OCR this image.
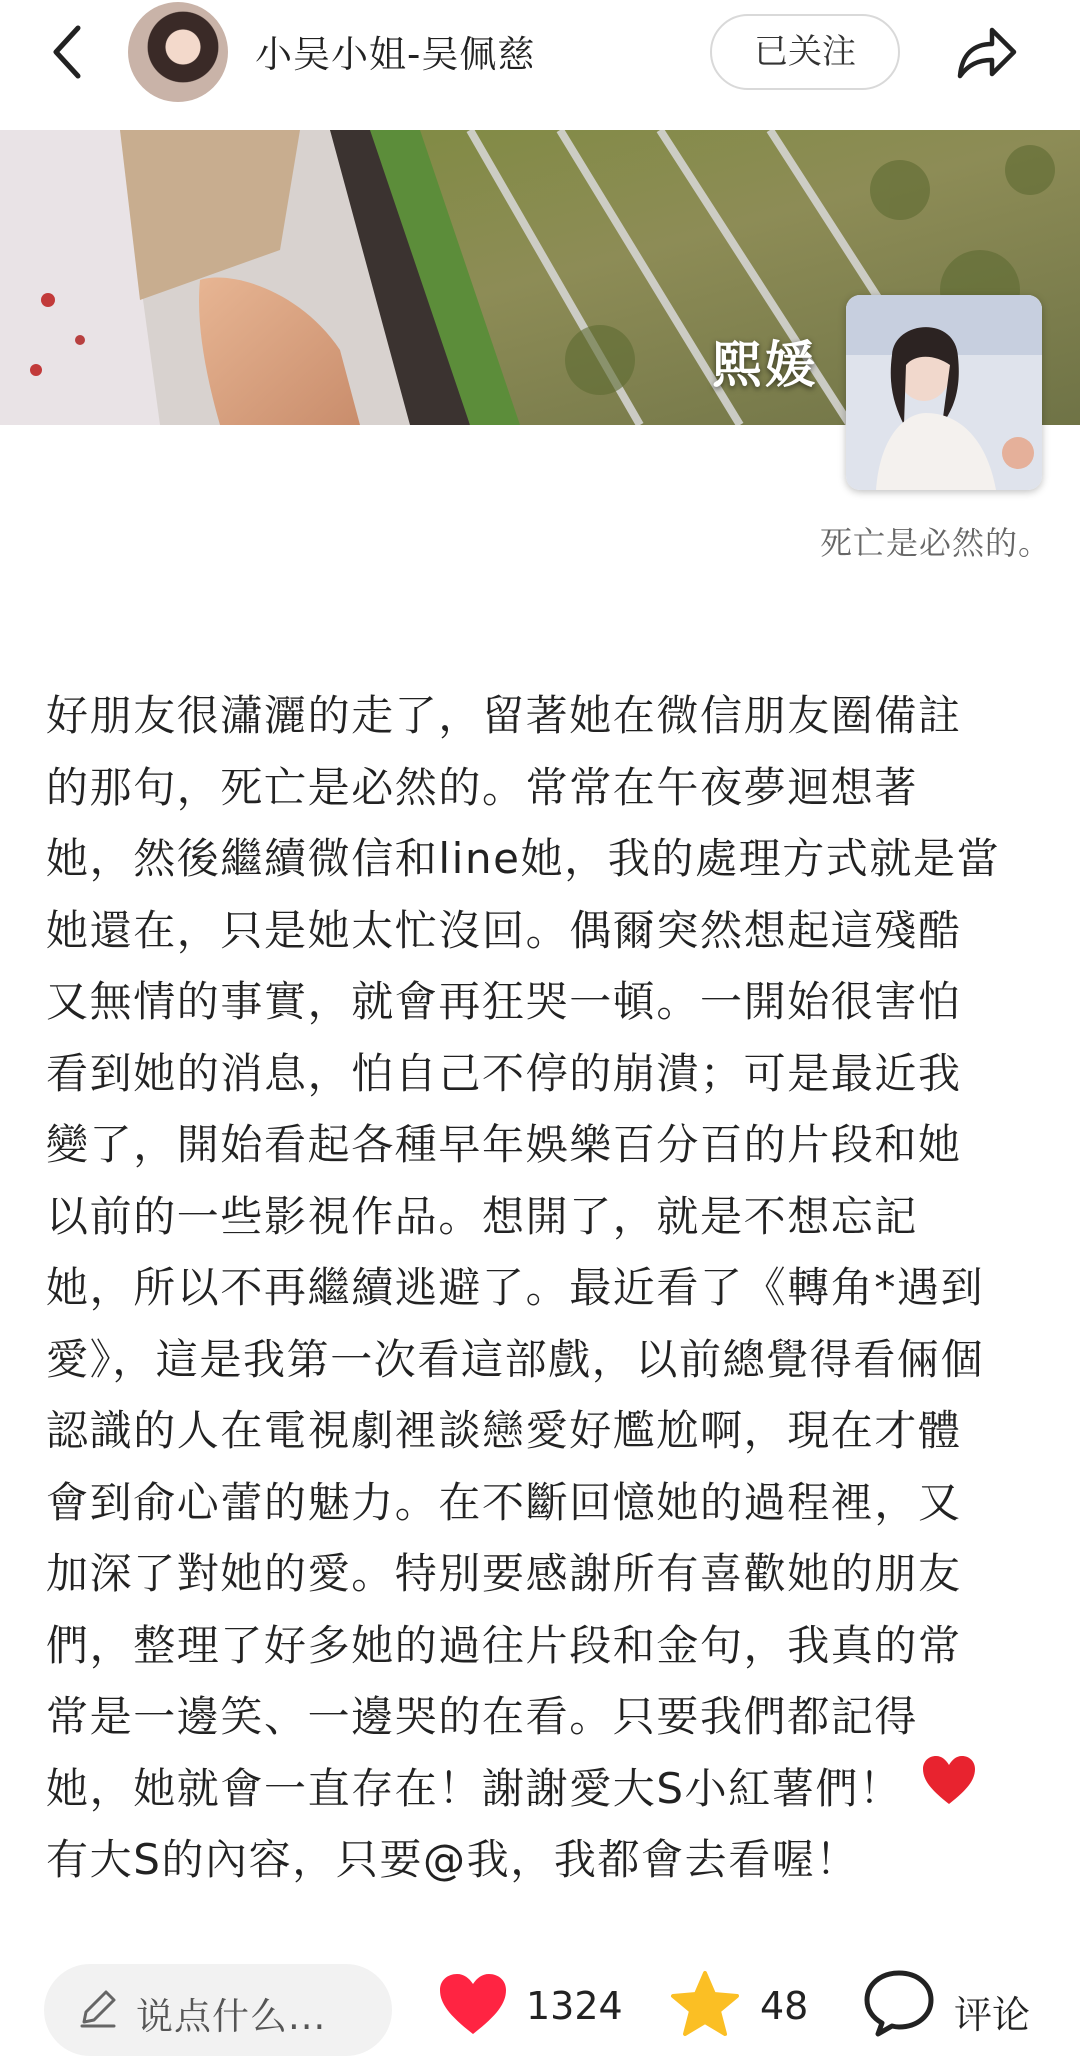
小吴小姐-吴佩慈	已关注
熙媛
死亡是必然的。
好朋友很瀟灑的走了，留著她在微信朋友圈備註
的那句，死亡是必然的。常常在午夜夢迴想著
她，然後繼續微信和line她，我的處理方式就是當
她還在，只是她太忙沒回。偶爾突然想起這殘酷
又無情的事實，就會再狂哭一頓。一開始很害怕
看到她的消息，怕自己不停的崩潰；可是最近我
變了，開始看起各種早年娛樂百分百的片段和她
以前的一些影視作品。想開了，就是不想忘記
她，所以不再繼續逃避了。最近看了《轉角*遇到
愛》，這是我第一次看這部戲，以前總覺得看倆個
認識的人在電視劇裡談戀愛好尷尬啊，現在才體
會到俞心蕾的魅力。在不斷回憶她的過程裡，又
加深了對她的愛。特別要感謝所有喜歡她的朋友
們，整理了好多她的過往片段和金句，我真的常
常是一邊笑、一邊哭的在看。只要我們都記得
她，她就會一直存在！謝謝愛大S小紅薯們！
有大S的內容，只要@我，我都會去看喔！
说点什么...	1324	48	评论
